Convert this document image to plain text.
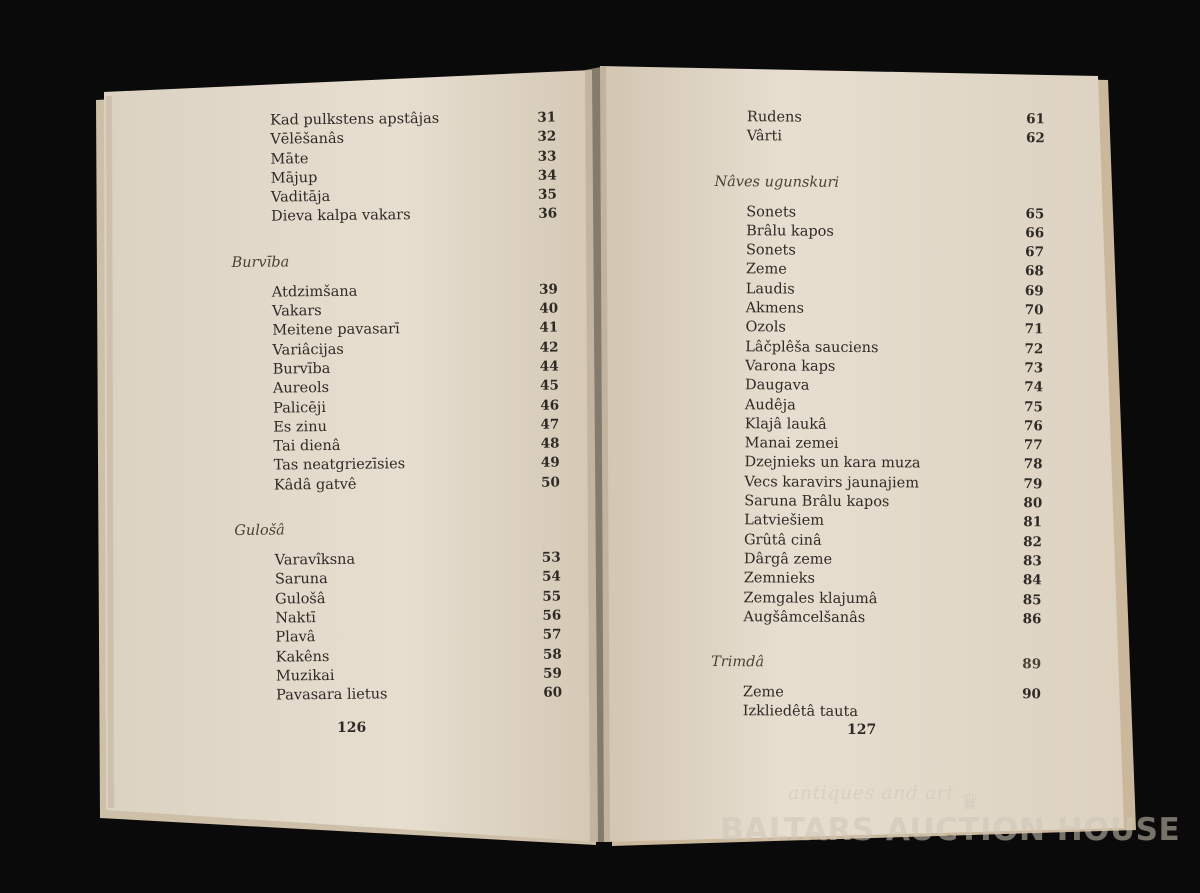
Kad pulkstens apstâjas	31
Vēlēšanâs	32
Māte	33
Mājup	34
Vaditāja	35
Dieva kalpa vakars	36
Burvība
Atdzimšana	39
Vakars	40
Meitene pavasarī	41
Variâcijas	42
Burvība	44
Aureols	45
Palicēji	46
Es zinu	47
Tai dienâ	48
Tas neatgriezīsies	49
Kâdâ gatvê	50
Gulošâ
Varavîksna	53
Saruna	54
Gulošâ	55
Naktī	56
Plavâ	57
Kakêns	58
Muzikai	59
Pavasara lietus	60
126
Rudens	61
Vârti	62
Nâves ugunskuri
Sonets	65
Brâlu kapos	66
Sonets	67
Zeme	68
Laudis	69
Akmens	70
Ozols	71
Lâčplêša sauciens	72
Varona kaps	73
Daugava	74
Audêja	75
Klajâ laukâ	76
Manai zemei	77
Dzejnieks un kara muza	78
Vecs karavirs jaunajiem	79
Saruna Brâlu kapos	80
Latviešiem	81
Grûtâ cinâ	82
Dârgâ zeme	83
Zemnieks	84
Zemgales klajumâ	85
Augšâmcelšanâs	86
Trimdâ	89
Zeme	90
Izkliedêtâ tauta
127
antiques and art ♛
BALTARS AUCTION HOUSE
